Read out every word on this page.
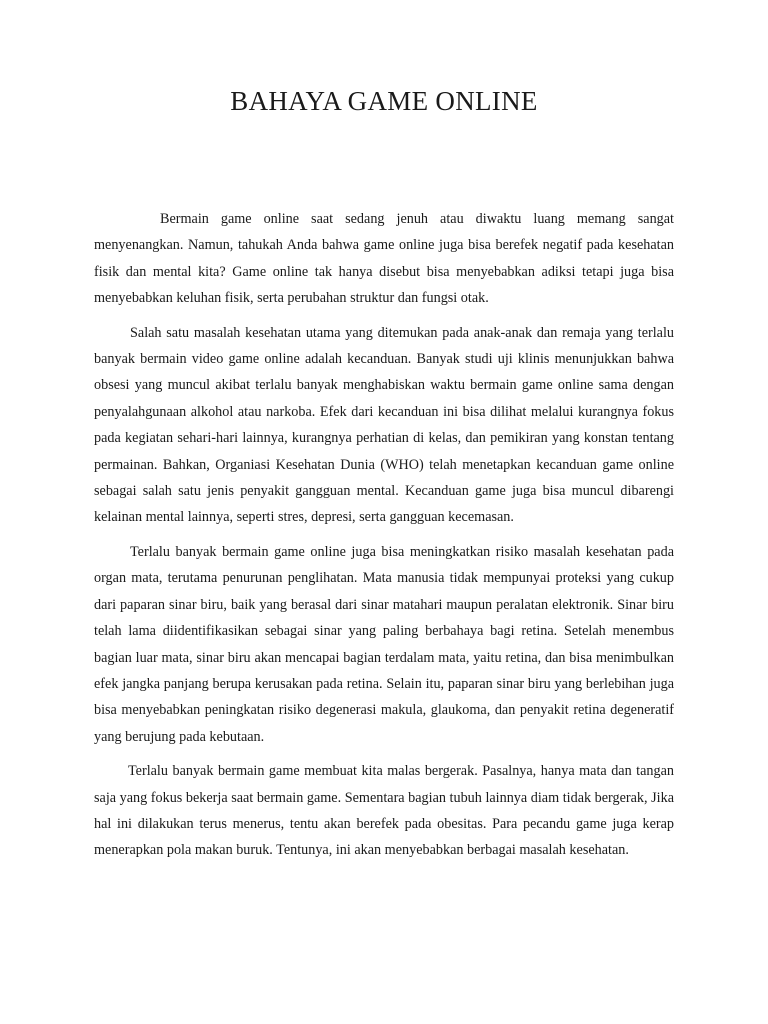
BAHAYA GAME ONLINE

Bermain game online saat sedang jenuh atau diwaktu luang memang sangat menyenangkan. Namun, tahukah Anda bahwa game online juga bisa berefek negatif pada kesehatan fisik dan mental kita? Game online tak hanya disebut bisa menyebabkan adiksi tetapi juga bisa menyebabkan keluhan fisik, serta perubahan struktur dan fungsi otak.

Salah satu masalah kesehatan utama yang ditemukan pada anak-anak dan remaja yang terlalu banyak bermain video game online adalah kecanduan. Banyak studi uji klinis menunjukkan bahwa obsesi yang muncul akibat terlalu banyak menghabiskan waktu bermain game online sama dengan penyalahgunaan alkohol atau narkoba. Efek dari kecanduan ini bisa dilihat melalui kurangnya fokus pada kegiatan sehari-hari lainnya, kurangnya perhatian di kelas, dan pemikiran yang konstan tentang permainan. Bahkan, Organiasi Kesehatan Dunia (WHO) telah menetapkan kecanduan game online sebagai salah satu jenis penyakit gangguan mental. Kecanduan game juga bisa muncul dibarengi kelainan mental lainnya, seperti stres, depresi, serta gangguan kecemasan.

Terlalu banyak bermain game online juga bisa meningkatkan risiko masalah kesehatan pada organ mata, terutama penurunan penglihatan. Mata manusia tidak mempunyai proteksi yang cukup dari paparan sinar biru, baik yang berasal dari sinar matahari maupun peralatan elektronik. Sinar biru telah lama diidentifikasikan sebagai sinar yang paling berbahaya bagi retina. Setelah menembus bagian luar mata, sinar biru akan mencapai bagian terdalam mata, yaitu retina, dan bisa menimbulkan efek jangka panjang berupa kerusakan pada retina. Selain itu, paparan sinar biru yang berlebihan juga bisa menyebabkan peningkatan risiko degenerasi makula, glaukoma, dan penyakit retina degeneratif yang berujung pada kebutaan.

Terlalu banyak bermain game membuat kita malas bergerak. Pasalnya, hanya mata dan tangan saja yang fokus bekerja saat bermain game. Sementara bagian tubuh lainnya diam tidak bergerak, Jika hal ini dilakukan terus menerus, tentu akan berefek pada obesitas. Para pecandu game juga kerap menerapkan pola makan buruk. Tentunya, ini akan menyebabkan berbagai masalah kesehatan.
